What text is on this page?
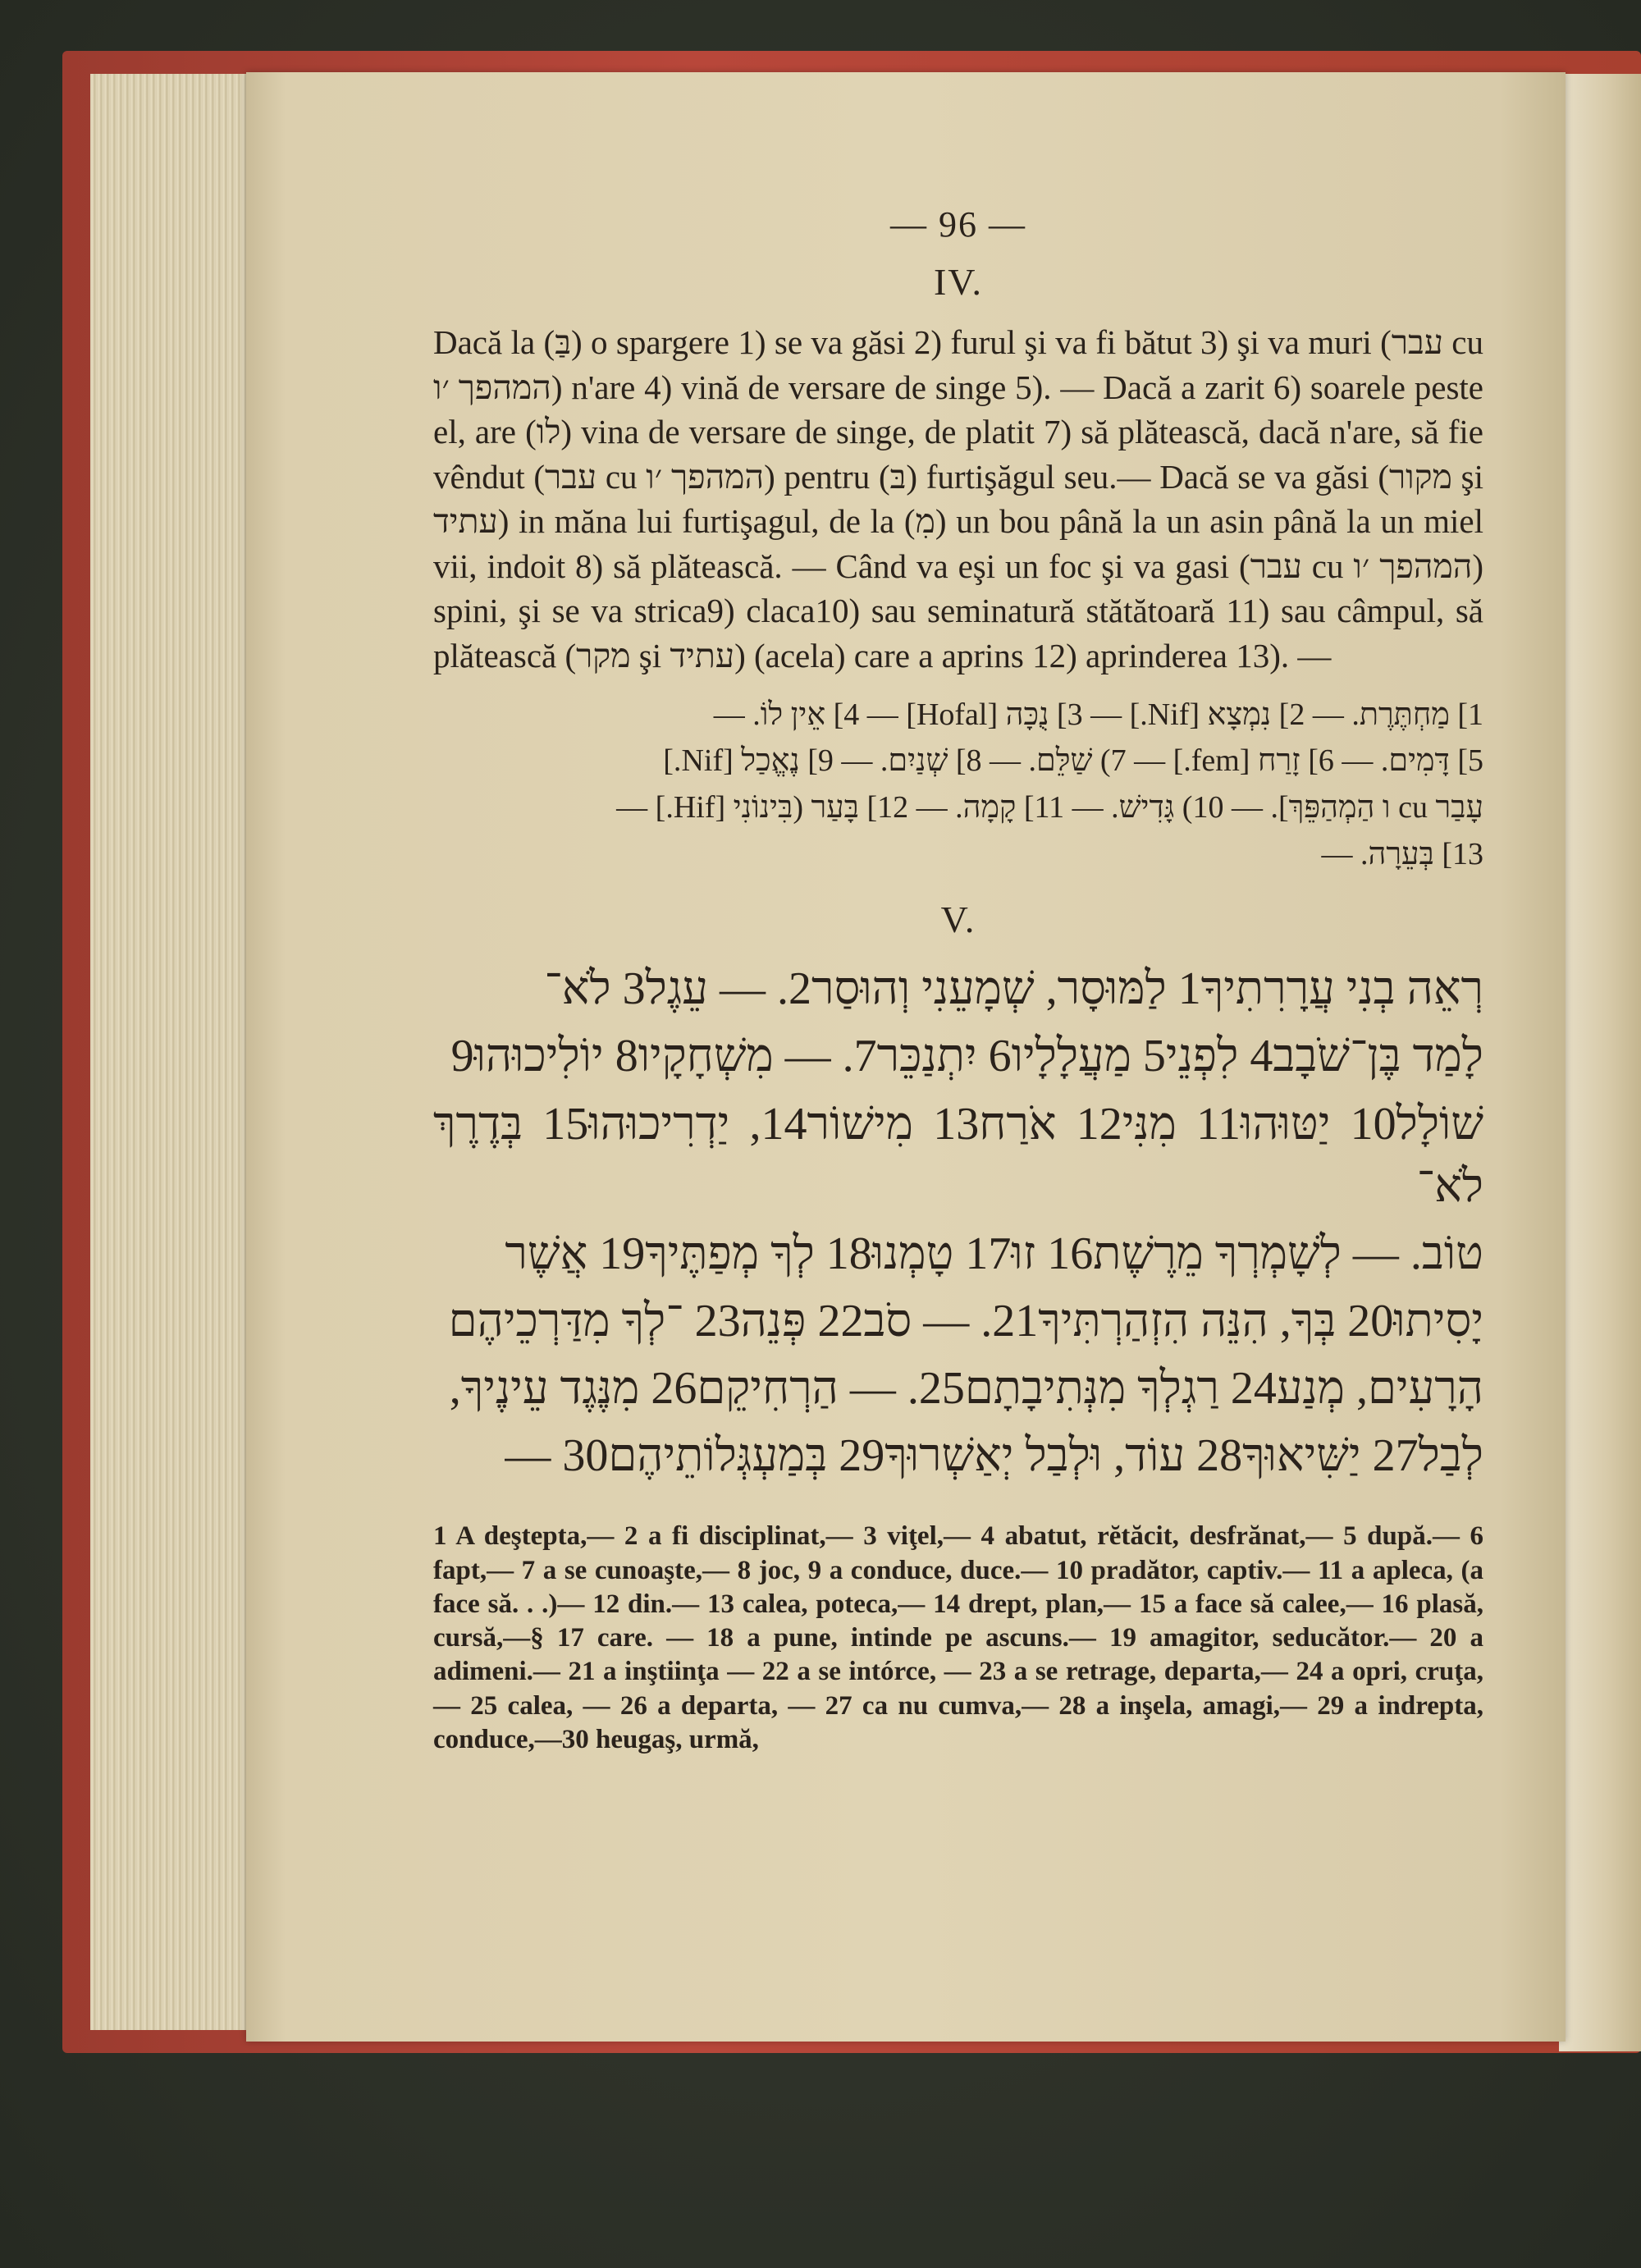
— 96 —
IV.
Dacă la (בַּ) o spargere 1) se va găsi 2) furul şi va fi bătut 3) şi va muri (עבר cu המהפך ׳ו) n'are 4) vină de versare de singe 5). — Dacă a zarit 6) soarele peste el, are (לו) vina de versare de singe, de platit 7) să plătească, dacă n'are, să fie vêndut (עבר cu המהפך ׳ו) pentru (בּ) furtişăgul seu.— Dacă se va găsi (מקור şi עתיד) in măna lui furtişagul, de la (מִ) un bou până la un asin până la un miel vii, indoit 8) să plătească. — Când va eşi un foc şi va gasi (עבר cu המהפך ׳ו) spini, şi se va strica9) claca10) sau seminatură stătătoară 11) sau câmpul, să plătească (מקר şi עתיד) (acela) care a aprins 12) aprinderea 13). —
1] מַחְתֶּרֶת. — 2] נִמְצָא [Nif.] — 3] נֻכָּה [Hofal] — 4] אֵין לוֹ. —
5] דָּמִים. — 6] זָרַח [fem.] — 7) שַׁלֵּם. — 8] שְׁנַיִם. — 9] נֶאֱכַל [Nif.]
עָבַר cu ו הַמְהַפֵּךְ]. — 10) גָּדִישׁ. — 11] קָמָה. — 12] בָּעַר (בִּינוֹנִי [Hif.] —
13] בְּעֵרָה. —
V.
רְאֵה בְנִי עֲרָרִתִיךָ1 לַמּוּסָר, שְׁמָעֵנִי וְהוּסַר2. — עֵגֶל3 לֹא־
לָמַד בֶּן־שֹׁבָב4 לִפְנֵי5 מַעֲלָלָיו6 יִתְנַכֵּר7. — מִשְׁחָקָיו8 יוֹלִיכוּהוּ9
שׁוֹלָל10 יַטּוּהוּ11 מִנִּי12 אֹרַח13 מִישׁוֹר14, יַדְרִיכוּהוּ15 בְּדֶרֶךְ לֹא־
טוֹב. — לְשָׁמְרְךָ מֵרֶשֶׁת16 זוּ17 טָמְנוּ18 לְךָ מְפַתֶּיךָ19 אֲשֶׁר
יָסִיתוּ20 בְּךָ, הִנֵּה הִזְהַרְתִּיךָ21. — סֹב22 פְּנֵה23 ־לְךָ מִדַּרְכֵיהֶם
הָרָעִים, מְנַע24 רַגְלְךָ מִנְּתִיבָתָם25. — הַרְחִיקֵם26 מִנֶּגֶד עֵינֶיךָ,
לְבַל27 יַשִּׁיאוּךָ28 עוֹד, וּלְבַל יְאַשְׁרוּךָ29 בְּמַעְגְּלוֹתֵיהֶם30 —
1 A deştepta,— 2 a fi disciplinat,— 3 viţel,— 4 abatut, rĕtăcit, desfrănat,— 5 după.— 6 fapt,— 7 a se cunoaşte,— 8 joc, 9 a conduce, duce.— 10 pradător, captiv.— 11 a apleca, (a face să. . .)— 12 din.— 13 calea, poteca,— 14 drept, plan,— 15 a face să calee,— 16 plasă, cursă,—§ 17 care. — 18 a pune, intinde pe ascuns.— 19 amagitor, seducător.— 20 a adimeni.— 21 a inştiinţa — 22 a se intórce, — 23 a se retrage, departa,— 24 a opri, cruţa,— 25 calea, — 26 a departa, — 27 ca nu cumva,— 28 a inşela, amagi,— 29 a indrepta, conduce,—30 heugaş, urmă,
